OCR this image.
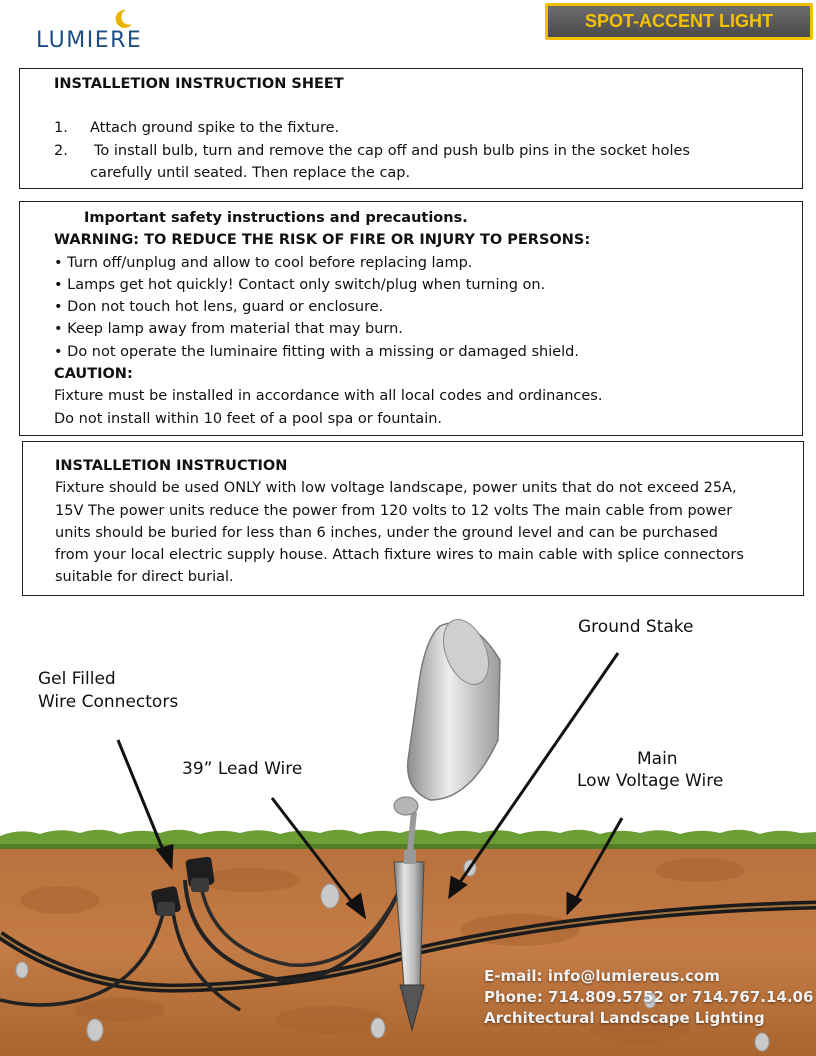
LUMIERE
SPOT-ACCENT LIGHT
INSTALLETION INSTRUCTION SHEET
1.	Attach ground spike to the fixture.
2.	To install bulb, turn and remove the cap off and push bulb pins in the socket holes
carefully until seated. Then replace the cap.
Important safety instructions and precautions.
WARNING: TO REDUCE THE RISK OF FIRE OR INJURY TO PERSONS:
• Turn off/unplug and allow to cool before replacing lamp.
• Lamps get hot quickly! Contact only switch/plug when turning on.
• Don not touch hot lens, guard or enclosure.
• Keep lamp away from material that may burn.
• Do not operate the luminaire fitting with a missing or damaged shield.
CAUTION:
Fixture must be installed in accordance with all local codes and ordinances.
Do not install within 10 feet of a pool spa or fountain.
INSTALLETION INSTRUCTION
Fixture should be used ONLY with low voltage landscape, power units that do not exceed 25A,
15V The power units reduce the power from 120 volts to 12 volts The main cable from power
units should be buried for less than 6 inches, under the ground level and can be purchased
from your local electric supply house. Attach fixture wires to main cable with splice connectors
suitable for direct burial.
Ground Stake
Gel Filled
Wire Connectors
39” Lead Wire	Main
Low Voltage Wire
E-mail: info@lumiereus.com
Phone: 714.809.5752 or 714.767.14.06
Architectural Landscape Lighting
